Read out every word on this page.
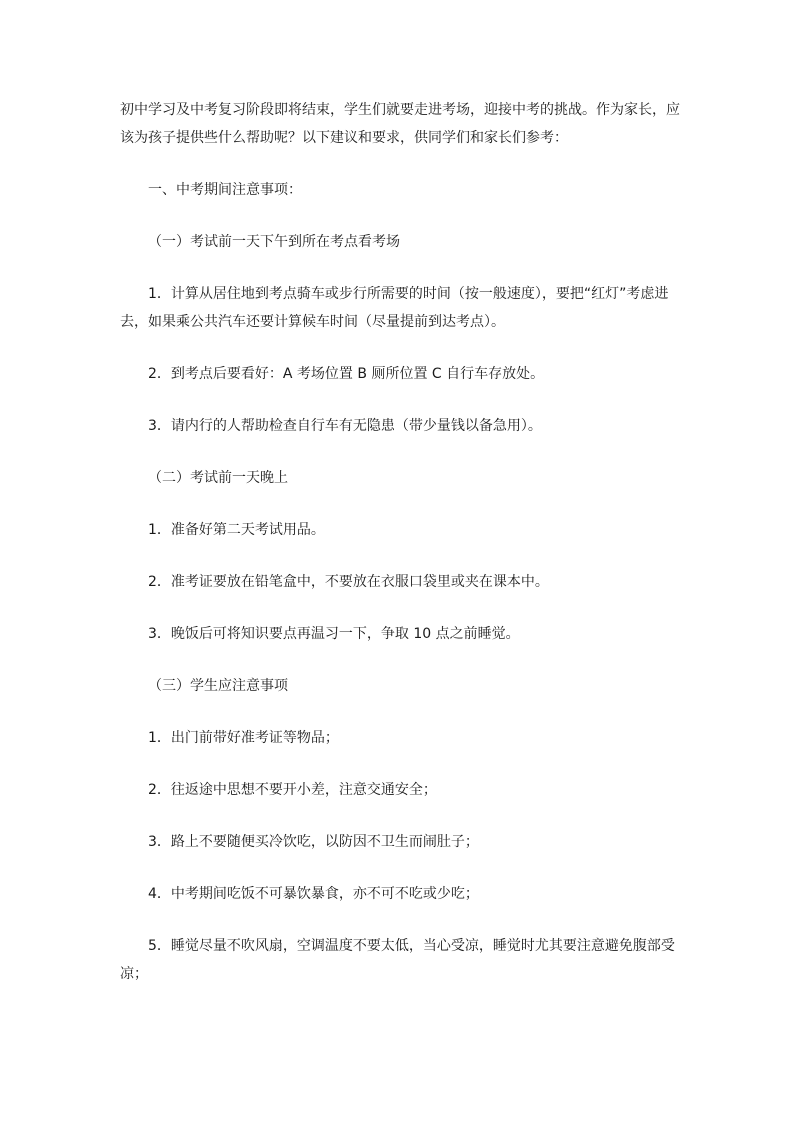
初中学习及中考复习阶段即将结束，学生们就要走进考场，迎接中考的挑战。作为家长，应

该为孩子提供些什么帮助呢？以下建议和要求，供同学们和家长们参考：

一、中考期间注意事项：

（一）考试前一天下午到所在考点看考场

1．计算从居住地到考点骑车或步行所需要的时间（按一般速度），要把“红灯”考虑进

去，如果乘公共汽车还要计算候车时间（尽量提前到达考点）。

2．到考点后要看好：A 考场位置 B 厕所位置 C 自行车存放处。

3．请内行的人帮助检查自行车有无隐患（带少量钱以备急用）。

（二）考试前一天晚上

1．准备好第二天考试用品。

2．准考证要放在铅笔盒中，不要放在衣服口袋里或夹在课本中。

3．晚饭后可将知识要点再温习一下，争取 10 点之前睡觉。

（三）学生应注意事项

1．出门前带好准考证等物品；

2．往返途中思想不要开小差，注意交通安全；

3．路上不要随便买冷饮吃，以防因不卫生而闹肚子；

4．中考期间吃饭不可暴饮暴食，亦不可不吃或少吃；

5．睡觉尽量不吹风扇，空调温度不要太低，当心受凉，睡觉时尤其要注意避免腹部受

凉；
